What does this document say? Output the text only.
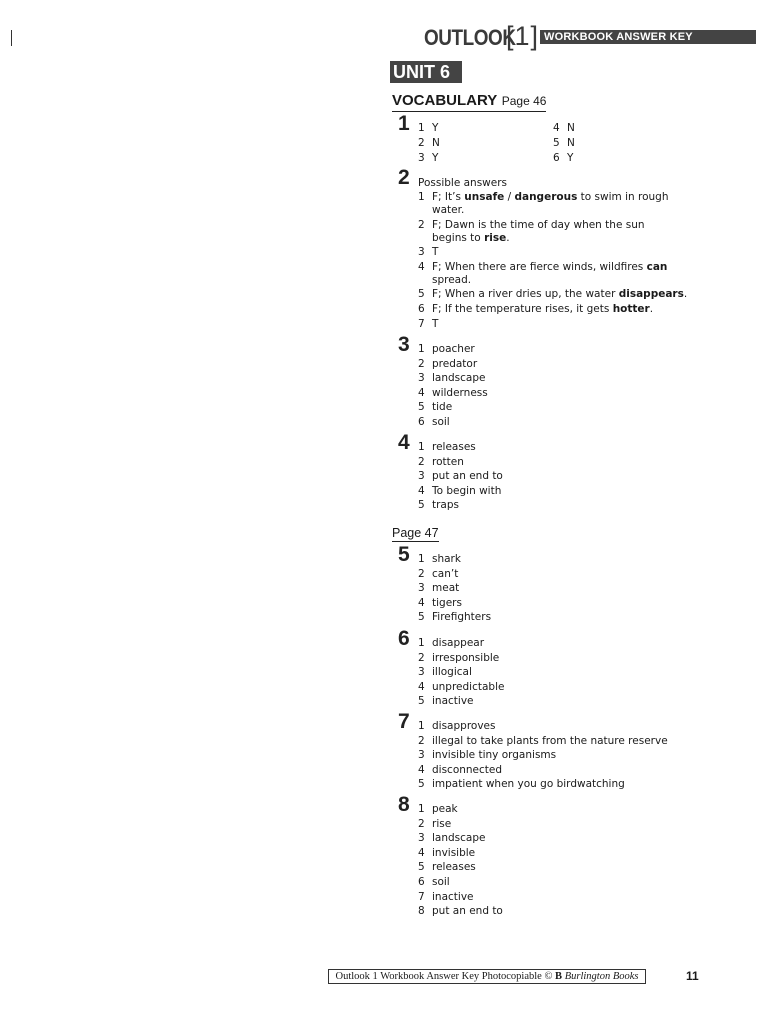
OUTLOOK
[1] WORKBOOK ANSWER KEY
UNIT 6
VOCABULARY Page 46
1 1 Y
2 N
3 Y
4 N
5 N
6 Y
2 Possible answers
1 F; It’s unsafe / dangerous to swim in rough water.
2 F; Dawn is the time of day when the sun begins to rise.
3 T
4 F; When there are fierce winds, wildfires can spread.
5 F; When a river dries up, the water disappears.
6 F; If the temperature rises, it gets hotter.
7 T
3 1 poacher
2 predator
3 landscape
4 wilderness
5 tide
6 soil
4 1 releases
2 rotten
3 put an end to
4 To begin with
5 traps
Page 47
5 1 shark
2 can’t
3 meat
4 tigers
5 Firefighters
6 1 disappear
2 irresponsible
3 illogical
4 unpredictable
5 inactive
7 1 disapproves
2 illegal to take plants from the nature reserve
3 invisible tiny organisms
4 disconnected
5 impatient when you go birdwatching
8 1 peak
2 rise
3 landscape
4 invisible
5 releases
6 soil
7 inactive
8 put an end to
Outlook 1 Workbook Answer Key Photocopiable © B Burlington Books	11
